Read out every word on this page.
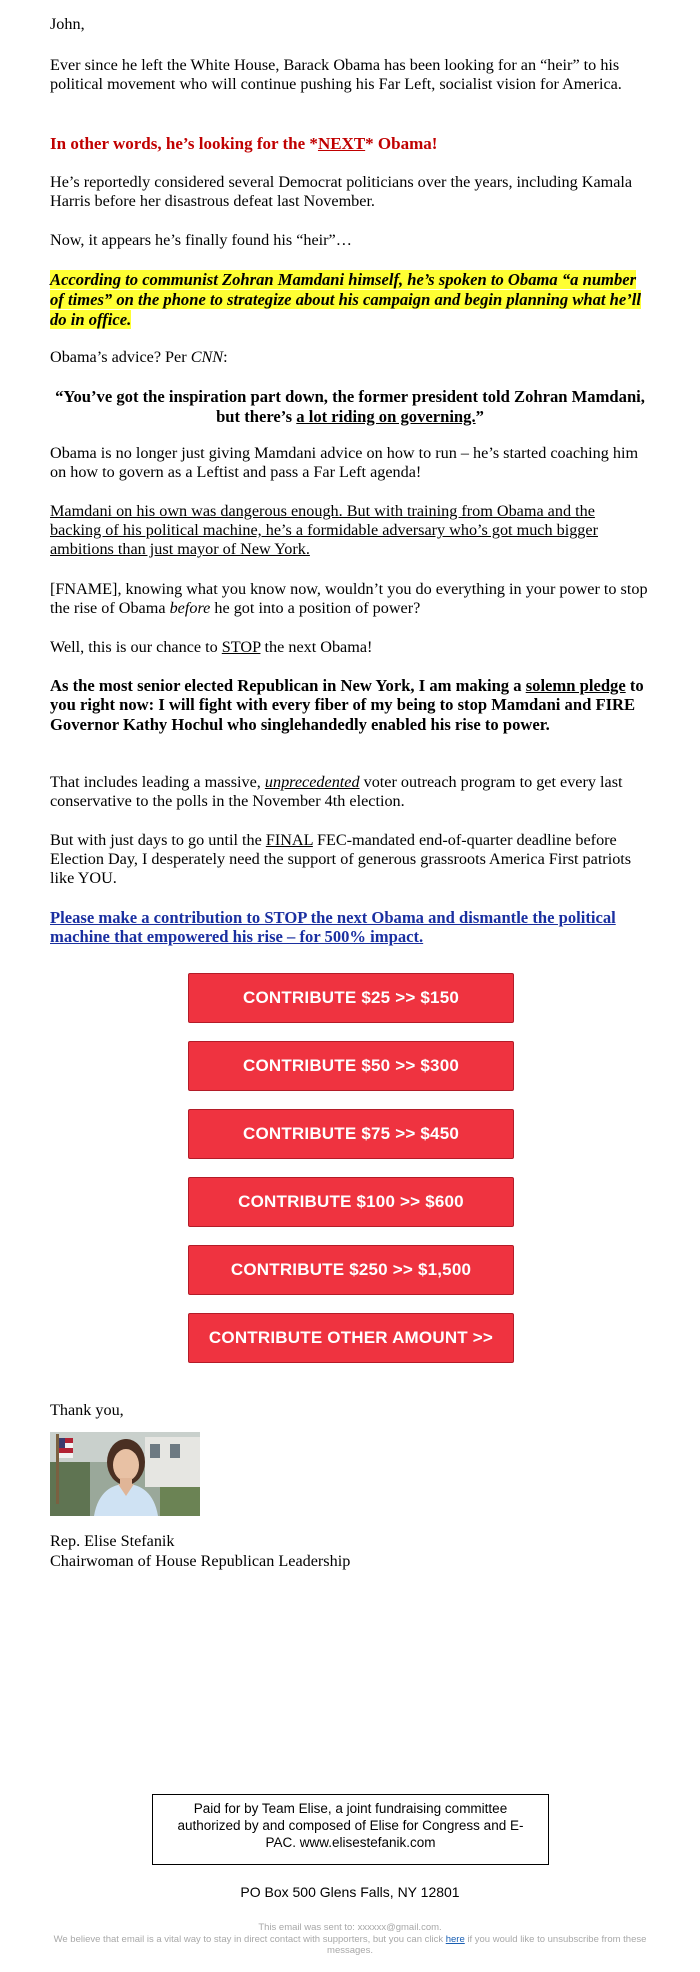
John,
Ever since he left the White House, Barack Obama has been looking for an “heir” to his political movement who will continue pushing his Far Left, socialist vision for America.
In other words, he’s looking for the *NEXT* Obama!
He’s reportedly considered several Democrat politicians over the years, including Kamala Harris before her disastrous defeat last November.
Now, it appears he’s finally found his “heir”…
According to communist Zohran Mamdani himself, he’s spoken to Obama “a number of times” on the phone to strategize about his campaign and begin planning what he’ll do in office.
Obama’s advice? Per CNN:
“You’ve got the inspiration part down, the former president told Zohran Mamdani, but there’s a lot riding on governing.”
Obama is no longer just giving Mamdani advice on how to run – he’s started coaching him on how to govern as a Leftist and pass a Far Left agenda!
Mamdani on his own was dangerous enough. But with training from Obama and the backing of his political machine, he’s a formidable adversary who’s got much bigger ambitions than just mayor of New York.
[FNAME], knowing what you know now, wouldn’t you do everything in your power to stop the rise of Obama before he got into a position of power?
Well, this is our chance to STOP the next Obama!
As the most senior elected Republican in New York, I am making a solemn pledge to you right now: I will fight with every fiber of my being to stop Mamdani and FIRE Governor Kathy Hochul who singlehandedly enabled his rise to power.
That includes leading a massive, unprecedented voter outreach program to get every last conservative to the polls in the November 4th election.
But with just days to go until the FINAL FEC-mandated end-of-quarter deadline before Election Day, I desperately need the support of generous grassroots America First patriots like YOU.
Please make a contribution to STOP the next Obama and dismantle the political machine that empowered his rise – for 500% impact.
CONTRIBUTE $25 >> $150
CONTRIBUTE $50 >> $300
CONTRIBUTE $75 >> $450
CONTRIBUTE $100 >> $600
CONTRIBUTE $250 >> $1,500
CONTRIBUTE OTHER AMOUNT >>
Thank you,
Rep. Elise Stefanik
Chairwoman of House Republican Leadership
Paid for by Team Elise, a joint fundraising committee authorized by and composed of Elise for Congress and E-PAC. www.elisestefanik.com
PO Box 500 Glens Falls, NY 12801
This email was sent to: xxxxxx@gmail.com.
We believe that email is a vital way to stay in direct contact with supporters, but you can click here if you would like to unsubscribe from these messages.
